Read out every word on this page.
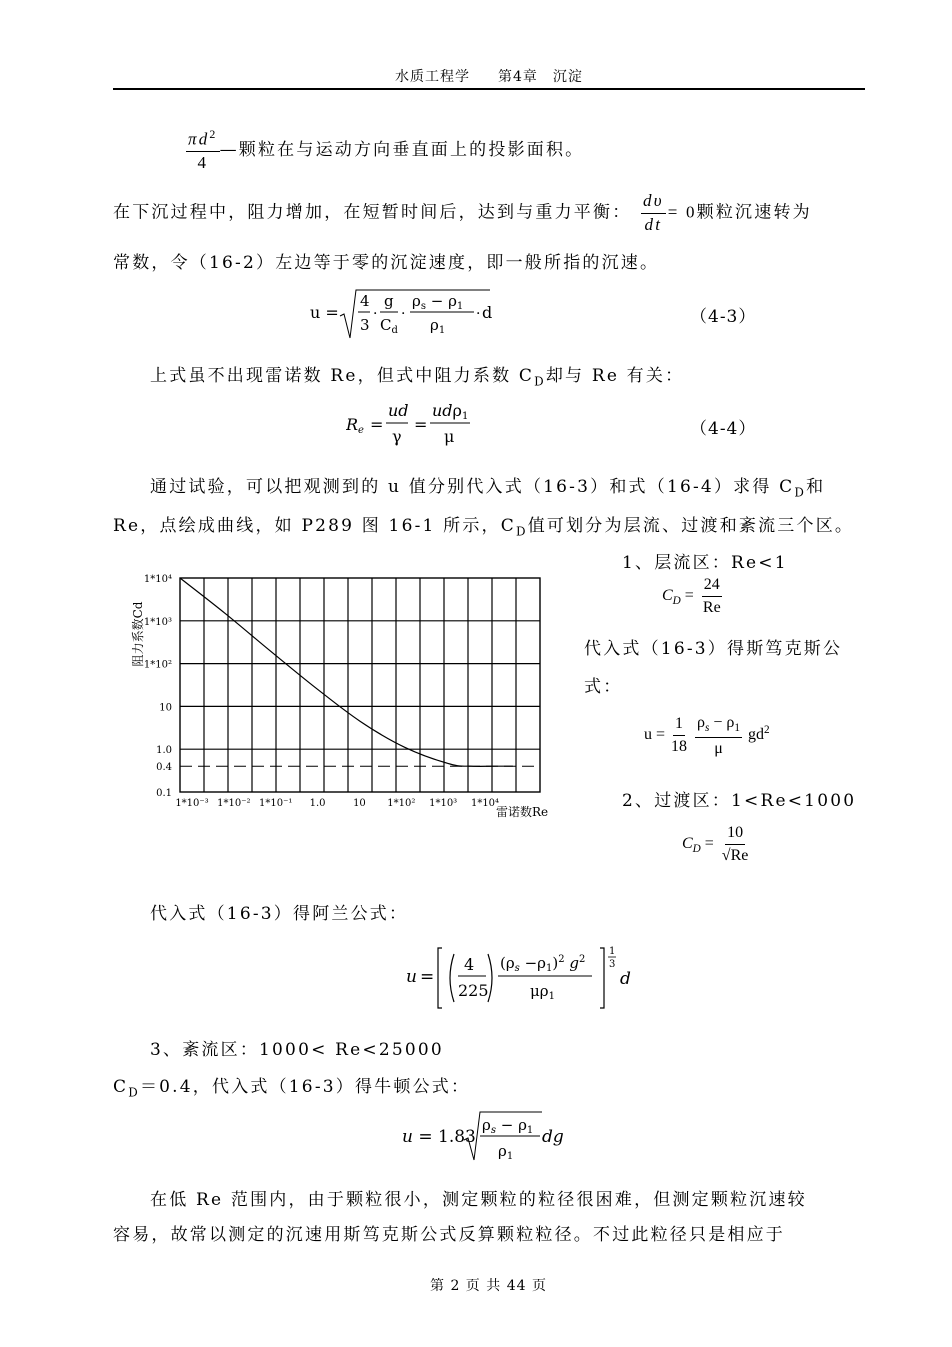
水质工程学 第4章　沉淀
$\frac{\pi d^2}{4}$ —颗粒在与运动方向垂直面上的投影面积。
在下沉过程中，阻力增加，在短暂时间后，达到与重力平衡： $\frac{d\upsilon}{dt} = 0$颗粒沉速转为
常数，令（16-2）左边等于零的沉淀速度，即一般所指的沉速。
u =
4
3
·
g
$C_d$
·
$\rho_s - \rho_1$
$\rho_1$
· d	（4-3）
上式虽不出现雷诺数 Re，但式中阻力系数 $C_D$却与 Re 有关：
Re =
ud
γ
=
udρ1
μ	（4-4）
通过试验，可以把观测到的 u 值分别代入式（16-3）和式（16-4）求得 $C_D$和
Re，点绘成曲线，如 P289 图 16-1 所示，$C_D$值可划分为层流、过渡和紊流三个区。
1*10⁴
1*10³
1*10²
10
1.0
0.4
0.1
1*10⁻³ 1*10⁻² 1*10⁻¹ 1.0	10 1*10² 1*10³ 1*10⁴
阻力系数Cd
雷诺数Re
1、层流区：Re<1
$C_D = \frac{24}{Re}$
代入式（16-3）得斯笃克斯公
式：
$u = \frac{1}{18}$
$\frac{\rho_s - \rho_1}{\mu} gd^2$
2、过渡区：1<Re<1000
$C_D = \frac{10}{√Re}$
代入式（16-3）得阿兰公式：
u =
4
225
$(\rho_s -\rho_1)^2$ $g^2$
$\mu\rho_1$
1
3
d
3、紊流区：1000< Re<25000
$C_D=0.4$，代入式（16-3）得牛顿公式：
u = 1.83
$\rho_s - \rho_1$
$\rho_1$
dg
在低 Re 范围内，由于颗粒很小，测定颗粒的粒径很困难，但测定颗粒沉速较
容易，故常以测定的沉速用斯笃克斯公式反算颗粒粒径。不过此粒径只是相应于
第 2 页 共 44 页
